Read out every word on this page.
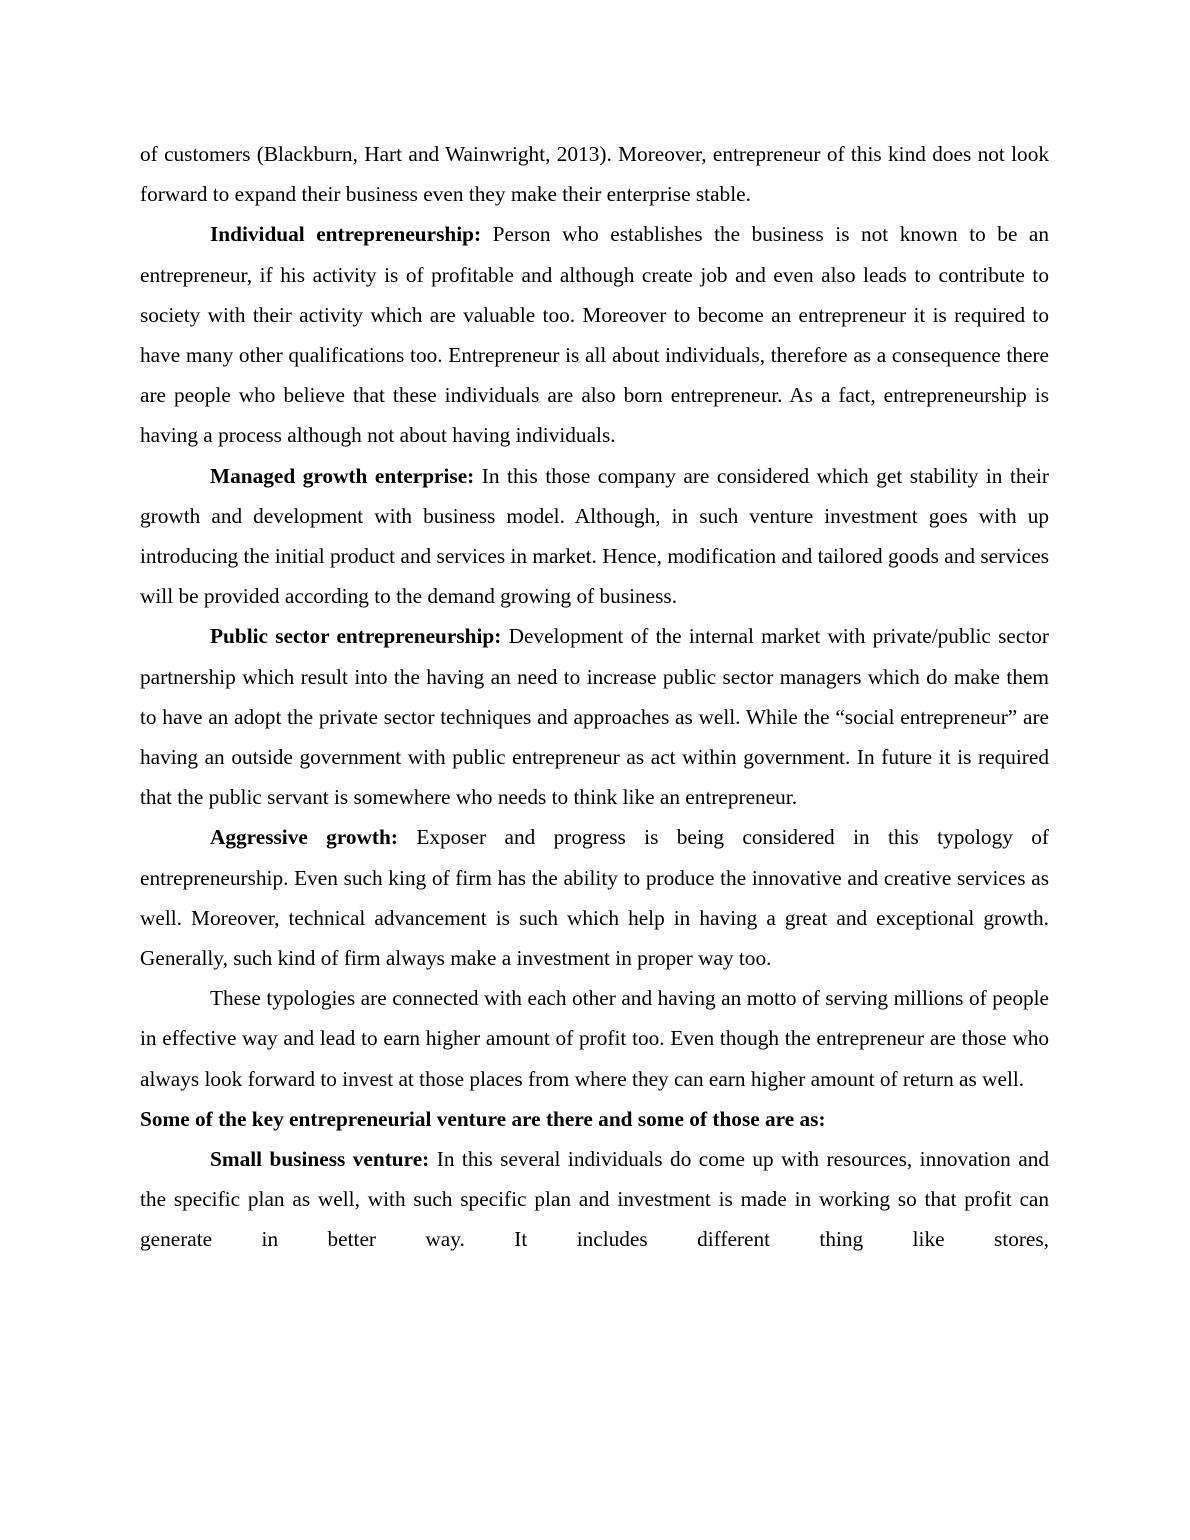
of customers (Blackburn, Hart and Wainwright, 2013). Moreover, entrepreneur of this kind does not look forward to expand their business even they make their enterprise stable.

Individual entrepreneurship: Person who establishes the business is not known to be an entrepreneur, if his activity is of profitable and although create job and even also leads to contribute to society with their activity which are valuable too. Moreover to become an entrepreneur it is required to have many other qualifications too. Entrepreneur is all about individuals, therefore as a consequence there are people who believe that these individuals are also born entrepreneur. As a fact, entrepreneurship is having a process although not about having individuals.

Managed growth enterprise: In this those company are considered which get stability in their growth and development with business model. Although, in such venture investment goes with up introducing the initial product and services in market. Hence, modification and tailored goods and services will be provided according to the demand growing of business.

Public sector entrepreneurship: Development of the internal market with private/public sector partnership which result into the having an need to increase public sector managers which do make them to have an adopt the private sector techniques and approaches as well. While the “social entrepreneur” are having an outside government with public entrepreneur as act within government. In future it is required that the public servant is somewhere who needs to think like an entrepreneur.

Aggressive growth: Exposer and progress is being considered in this typology of entrepreneurship. Even such king of firm has the ability to produce the innovative and creative services as well. Moreover, technical advancement is such which help in having a great and exceptional growth. Generally, such kind of firm always make a investment in proper way too.

These typologies are connected with each other and having an motto of serving millions of people in effective way and lead to earn higher amount of profit too. Even though the entrepreneur are those who always look forward to invest at those places from where they can earn higher amount of return as well.

Some of the key entrepreneurial venture are there and some of those are as:

Small business venture: In this several individuals do come up with resources, innovation and the specific plan as well, with such specific plan and investment is made in working so that profit can generate in better way. It includes different thing like stores,
